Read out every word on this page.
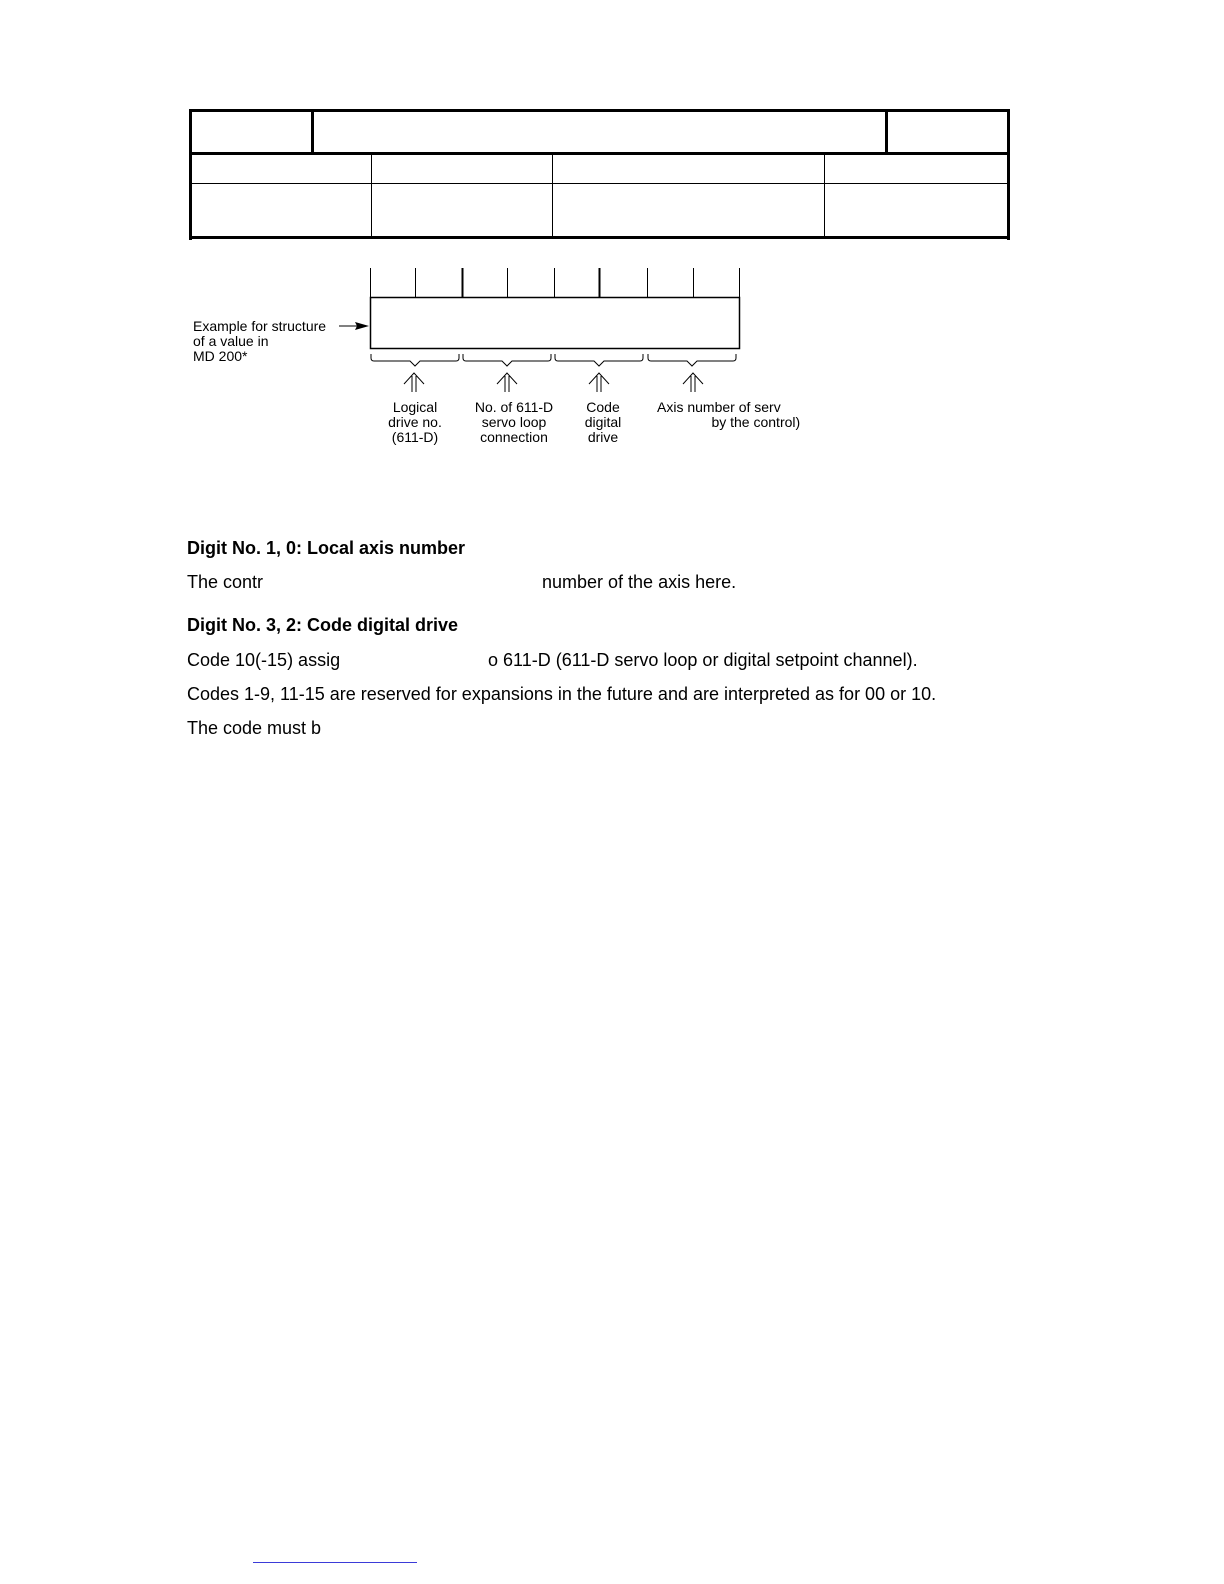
Example for structure
of a value in
MD 200*
Logical
drive no.
(611-D)
No. of 611-D
servo loop
connection
Code
digital
drive
Axis number of serv
by the control)
Digit No. 1, 0: Local axis number
The contr	number of the axis here.
Digit No. 3, 2: Code digital drive
Code 10(-15) assig	o 611-D (611-D servo loop or digital setpoint channel).
Codes 1-9, 11-15 are reserved for expansions in the future and are interpreted as for 00 or 10.
The code must b
